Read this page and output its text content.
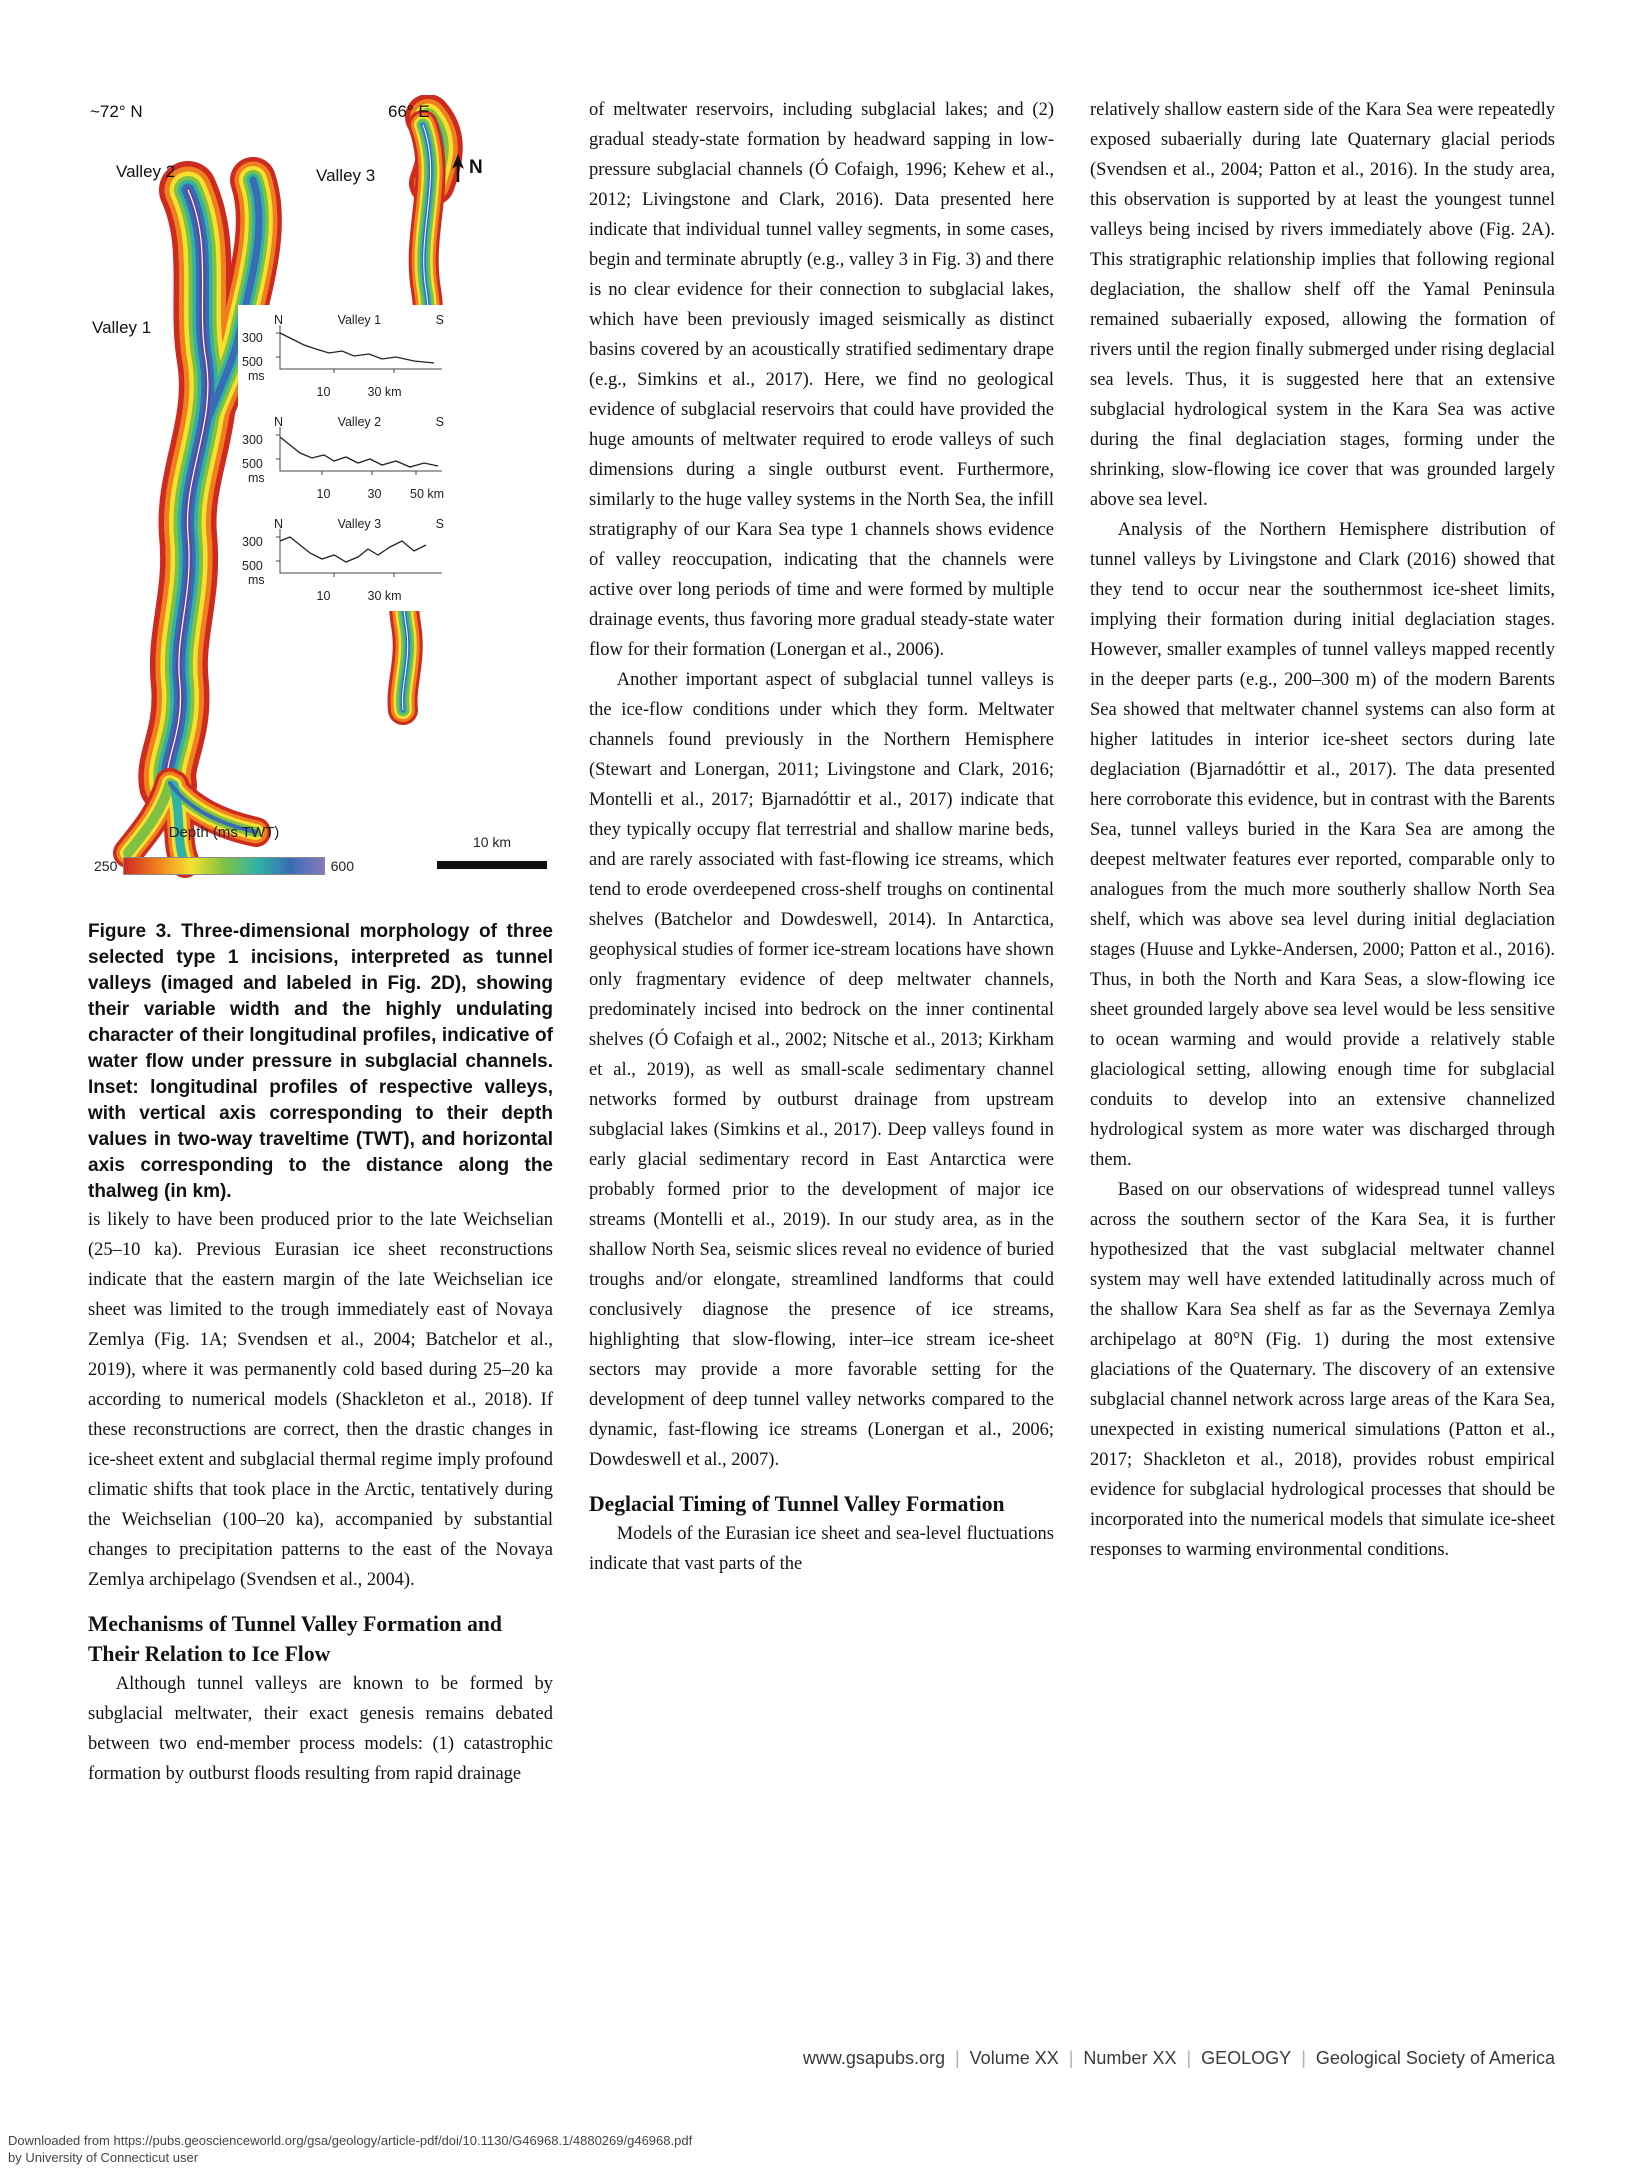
~72° N	66° E
Valley 2	Valley 3
Valley 1
N
N	Valley 1	S
300
500
ms
10	30 km
N	Valley 2	S
300
500
ms
10	30 50 km
N	Valley 3	S
300
500
ms
10	30 km
Depth (ms TWT)
250	600
10 km
Figure 3. Three-dimensional morphology of three selected type 1 incisions, interpreted as tunnel valleys (imaged and labeled in Fig. 2D), showing their variable width and the highly undulating character of their longitudinal profiles, indicative of water flow under pressure in subglacial channels. Inset: longitudinal profiles of respective valleys, with vertical axis corresponding to their depth values in two-way traveltime (TWT), and horizontal axis corresponding to the distance along the thalweg (in km).

is likely to have been produced prior to the late Weichselian (25–10 ka). Previous Eurasian ice sheet reconstructions indicate that the eastern margin of the late Weichselian ice sheet was limited to the trough immediately east of Novaya Zemlya (Fig. 1A; Svendsen et al., 2004; Batchelor et al., 2019), where it was permanently cold based during 25–20 ka according to numerical models (Shackleton et al., 2018). If these reconstructions are correct, then the drastic changes in ice-sheet extent and subglacial thermal regime imply profound climatic shifts that took place in the Arctic, tentatively during the Weichselian (100–20 ka), accompanied by substantial changes to precipitation patterns to the east of the Novaya Zemlya archipelago (Svendsen et al., 2004).

Mechanisms of Tunnel Valley Formation and Their Relation to Ice Flow

Although tunnel valleys are known to be formed by subglacial meltwater, their exact genesis remains debated between two end-member process models: (1) catastrophic formation by outburst floods resulting from rapid drainage

of meltwater reservoirs, including subglacial lakes; and (2) gradual steady-state formation by headward sapping in low-pressure subglacial channels (Ó Cofaigh, 1996; Kehew et al., 2012; Livingstone and Clark, 2016). Data presented here indicate that individual tunnel valley segments, in some cases, begin and terminate abruptly (e.g., valley 3 in Fig. 3) and there is no clear evidence for their connection to subglacial lakes, which have been previously imaged seismically as distinct basins covered by an acoustically stratified sedimentary drape (e.g., Simkins et al., 2017). Here, we find no geological evidence of subglacial reservoirs that could have provided the huge amounts of meltwater required to erode valleys of such dimensions during a single outburst event. Furthermore, similarly to the huge valley systems in the North Sea, the infill stratigraphy of our Kara Sea type 1 channels shows evidence of valley reoccupation, indicating that the channels were active over long periods of time and were formed by multiple drainage events, thus favoring more gradual steady-state water flow for their formation (Lonergan et al., 2006).

Another important aspect of subglacial tunnel valleys is the ice-flow conditions under which they form. Meltwater channels found previously in the Northern Hemisphere (Stewart and Lonergan, 2011; Livingstone and Clark, 2016; Montelli et al., 2017; Bjarnadóttir et al., 2017) indicate that they typically occupy flat terrestrial and shallow marine beds, and are rarely associated with fast-flowing ice streams, which tend to erode overdeepened cross-shelf troughs on continental shelves (Batchelor and Dowdeswell, 2014). In Antarctica, geophysical studies of former ice-stream locations have shown only fragmentary evidence of deep meltwater channels, predominately incised into bedrock on the inner continental shelves (Ó Cofaigh et al., 2002; Nitsche et al., 2013; Kirkham et al., 2019), as well as small-scale sedimentary channel networks formed by outburst drainage from upstream subglacial lakes (Simkins et al., 2017). Deep valleys found in early glacial sedimentary record in East Antarctica were probably formed prior to the development of major ice streams (Montelli et al., 2019). In our study area, as in the shallow North Sea, seismic slices reveal no evidence of buried troughs and/or elongate, streamlined landforms that could conclusively diagnose the presence of ice streams, highlighting that slow-flowing, inter–ice stream ice-sheet sectors may provide a more favorable setting for the development of deep tunnel valley networks compared to the dynamic, fast-flowing ice streams (Lonergan et al., 2006; Dowdeswell et al., 2007).

Deglacial Timing of Tunnel Valley Formation

Models of the Eurasian ice sheet and sea-level fluctuations indicate that vast parts of the

relatively shallow eastern side of the Kara Sea were repeatedly exposed subaerially during late Quaternary glacial periods (Svendsen et al., 2004; Patton et al., 2016). In the study area, this observation is supported by at least the youngest tunnel valleys being incised by rivers immediately above (Fig. 2A). This stratigraphic relationship implies that following regional deglaciation, the shallow shelf off the Yamal Peninsula remained subaerially exposed, allowing the formation of rivers until the region finally submerged under rising deglacial sea levels. Thus, it is suggested here that an extensive subglacial hydrological system in the Kara Sea was active during the final deglaciation stages, forming under the shrinking, slow-flowing ice cover that was grounded largely above sea level.

Analysis of the Northern Hemisphere distribution of tunnel valleys by Livingstone and Clark (2016) showed that they tend to occur near the southernmost ice-sheet limits, implying their formation during initial deglaciation stages. However, smaller examples of tunnel valleys mapped recently in the deeper parts (e.g., 200–300 m) of the modern Barents Sea showed that meltwater channel systems can also form at higher latitudes in interior ice-sheet sectors during late deglaciation (Bjarnadóttir et al., 2017). The data presented here corroborate this evidence, but in contrast with the Barents Sea, tunnel valleys buried in the Kara Sea are among the deepest meltwater features ever reported, comparable only to analogues from the much more southerly shallow North Sea shelf, which was above sea level during initial deglaciation stages (Huuse and Lykke-Andersen, 2000; Patton et al., 2016). Thus, in both the North and Kara Seas, a slow-flowing ice sheet grounded largely above sea level would be less sensitive to ocean warming and would provide a relatively stable glaciological setting, allowing enough time for subglacial conduits to develop into an extensive channelized hydrological system as more water was discharged through them.

Based on our observations of widespread tunnel valleys across the southern sector of the Kara Sea, it is further hypothesized that the vast subglacial meltwater channel system may well have extended latitudinally across much of the shallow Kara Sea shelf as far as the Severnaya Zemlya archipelago at 80°N (Fig. 1) during the most extensive glaciations of the Quaternary. The discovery of an extensive subglacial channel network across large areas of the Kara Sea, unexpected in existing numerical simulations (Patton et al., 2017; Shackleton et al., 2018), provides robust empirical evidence for subglacial hydrological processes that should be incorporated into the numerical models that simulate ice-sheet responses to warming environmental conditions.

www.gsapubs.org | Volume XX | Number XX | GEOLOGY | Geological Society of America
Downloaded from https://pubs.geoscienceworld.org/gsa/geology/article-pdf/doi/10.1130/G46968.1/4880269/g46968.pdf
by University of Connecticut user
